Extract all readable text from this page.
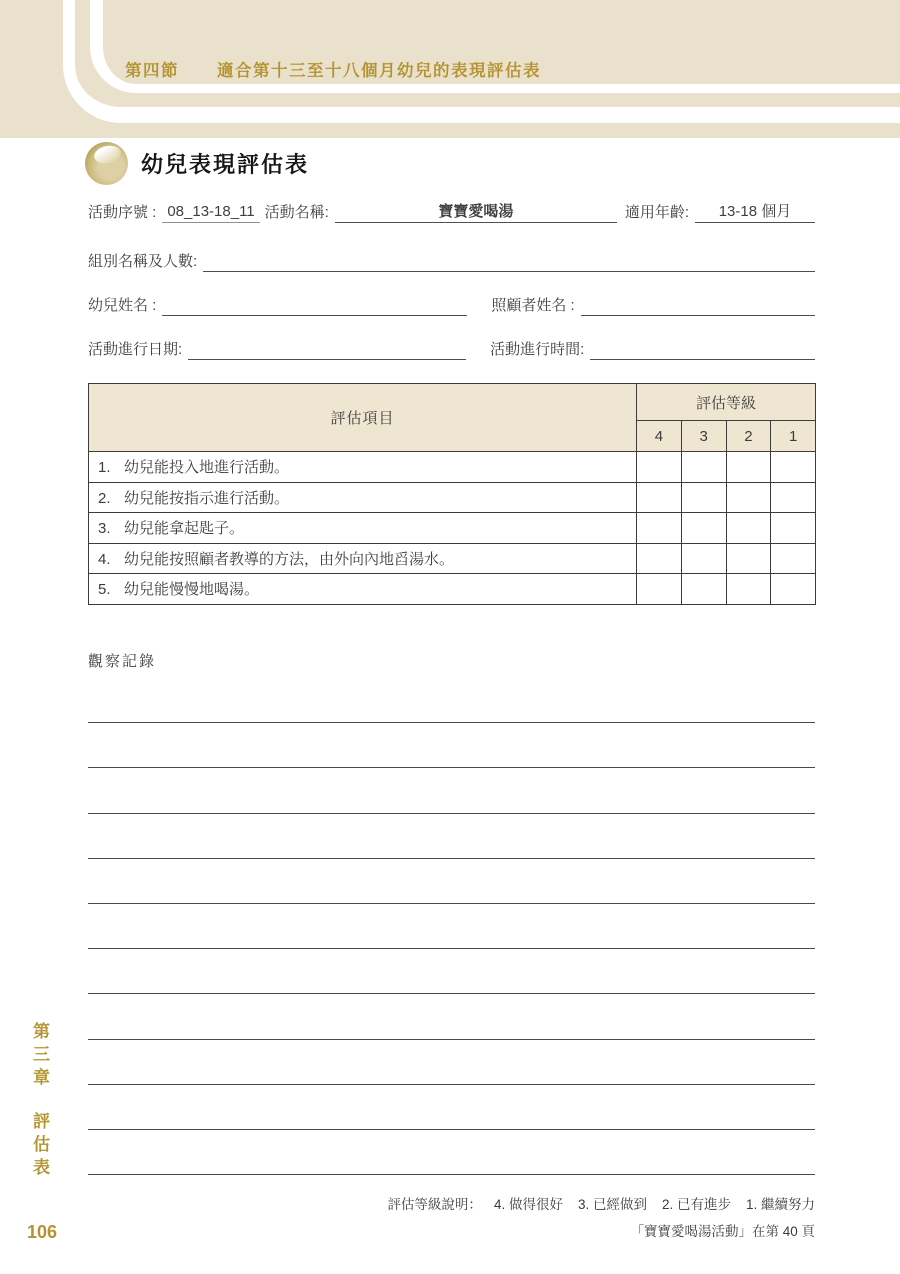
第四節 適合第十三至十八個月幼兒的表現評估表
幼兒表現評估表
活動序號 : 08_13-18_11 活動名稱:	寶寶愛喝湯	適用年齡:	13-18 個月
組別名稱及人數:
幼兒姓名 :	照顧者姓名 :
活動進行日期:	活動進行時間:
評估項目	評估等級			
	4	3	2	1
1. 幼兒能投入地進行活動。				
2. 幼兒能按指示進行活動。				
3. 幼兒能拿起匙子。				
4. 幼兒能按照顧者教導的方法，由外向內地舀湯水。				
5. 幼兒能慢慢地喝湯。				
觀察記錄
評估等級說明： 4. 做得很好 3. 已經做到 2. 已有進步 1. 繼續努力
「寶寶愛喝湯活動」在第 40 頁
第三章
評估表
106
